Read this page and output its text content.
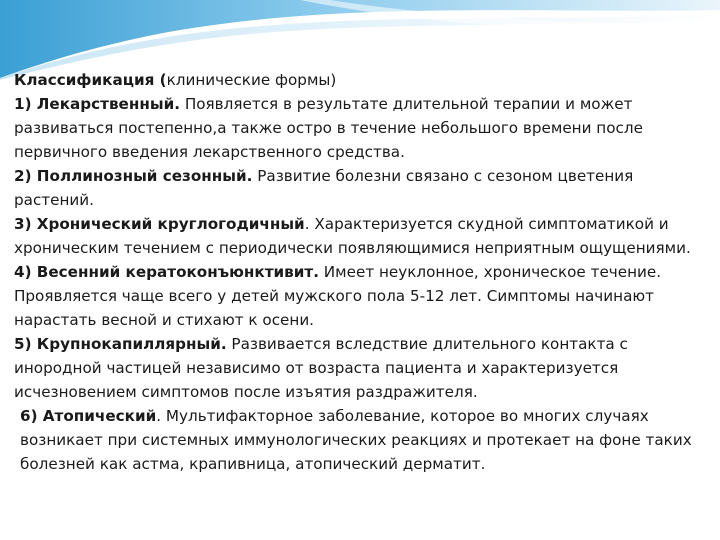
Классификация (клинические формы)

1) Лекарственный. Появляется в результате длительной терапии и может развиваться постепенно,а также остро в течение небольшого времени после первичного введения лекарственного средства.

2) Поллинозный сезонный. Развитие болезни связано с сезоном цветения растений.

3) Хронический круглогодичный. Характеризуется скудной симптоматикой и хроническим течением с периодически появляющимися неприятным ощущениями.

4) Весенний кератоконъюнктивит. Имеет неуклонное, хроническое течение. Проявляется чаще всего у детей мужского пола 5-12 лет. Симптомы начинают нарастать весной и стихают к осени.

5) Крупнокапиллярный. Развивается вследствие длительного контакта с инородной частицей независимо от возраста пациента и характеризуется исчезновением симптомов после изъятия раздражителя.

6) Атопический. Мультифакторное заболевание, которое во многих случаях возникает при системных иммунологических реакциях и протекает на фоне таких болезней как астма, крапивница, атопический дерматит.
